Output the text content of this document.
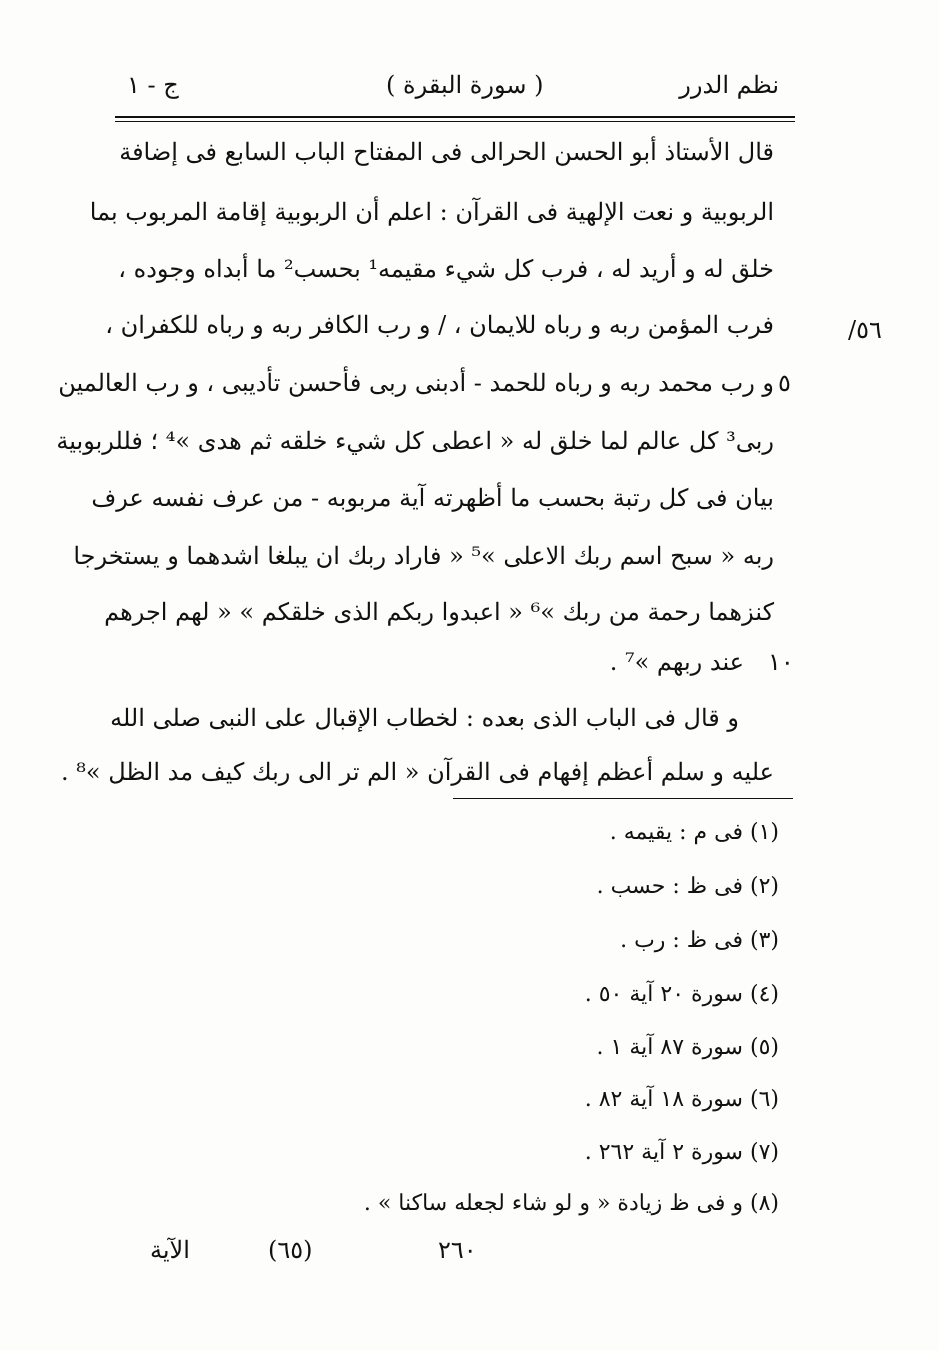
نظم الدرر
( سورة البقرة )
ج - ١
قال الأستاذ أبو الحسن الحرالى فى المفتاح الباب السابع فى إضافة
الربوبية و نعت الإلهية فى القرآن : اعلم أن الربوبية إقامة المربوب بما
خلق له و أريد له ، فرب كل شيء مقيمه¹ بحسب² ما أبداه وجوده ،
فرب المؤمن ربه و رباه للايمان ، / و رب الكافر ربه و رباه للكفران ،	/٥٦
٥
و رب محمد ربه و رباه للحمد - أدبنى ربى فأحسن تأديبى ، و رب العالمين
ربى³ كل عالم لما خلق له « اعطى كل شيء خلقه ثم هدى »⁴ ؛ فللربوبية
بيان فى كل رتبة بحسب ما أظهرته آية مربوبه - من عرف نفسه عرف
ربه « سبح اسم ربك الاعلى »⁵ « فاراد ربك ان يبلغا اشدهما و يستخرجا
كنزهما رحمة من ربك »⁶ « اعبدوا ربكم الذى خلقكم » « لهم اجرهم
١٠
عند ربهم »⁷ .
و قال فى الباب الذى بعده : لخطاب الإقبال على النبى صلى الله
عليه و سلم أعظم إفهام فى القرآن « الم تر الى ربك كيف مد الظل »⁸ .
(١) فى م : يقيمه .
(٢) فى ظ : حسب .
(٣) فى ظ : رب .
(٤) سورة ٢٠ آية ٥٠ .
(٥) سورة ٨٧ آية ١ .
(٦) سورة ١٨ آية ٨٢ .
(٧) سورة ٢ آية ٢٦٢ .
(٨) و فى ظ زيادة « و لو شاء لجعله ساكنا » .
الآية	(٦٥)	٢٦٠
